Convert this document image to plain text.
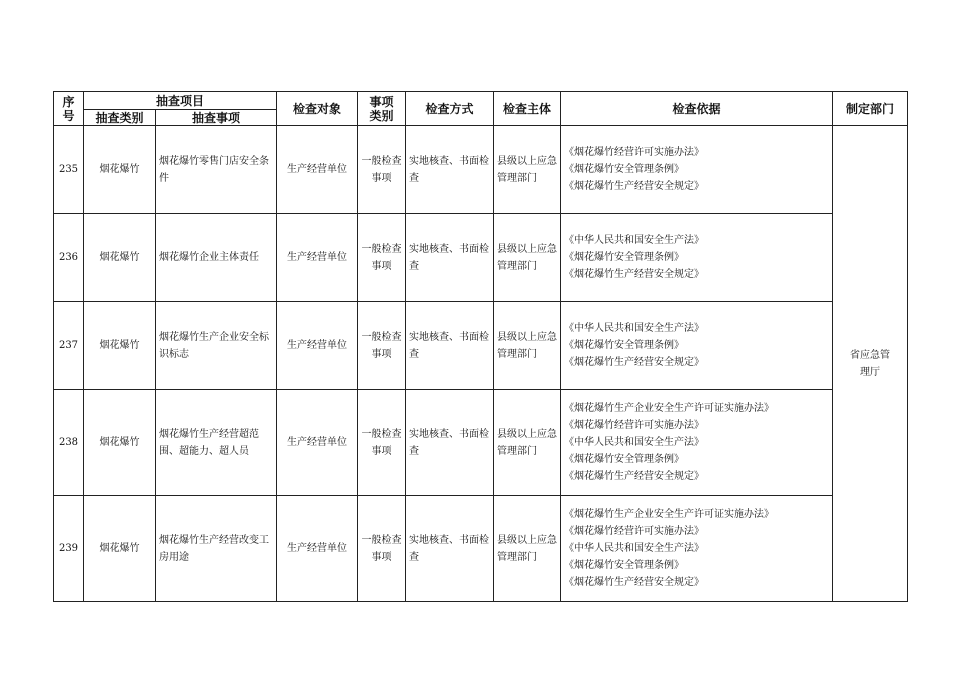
序号	抽查项目		检查对象	事项类别	检查方式	检查主体	检查依据	制定部门
	抽查类别	抽查事项						
235	烟花爆竹	烟花爆竹零售门店安全条件	生产经营单位	一般检查事项	实地核查、书面检查	县级以上应急管理部门	《烟花爆竹经营许可实施办法》
《烟花爆竹安全管理条例》
《烟花爆竹生产经营安全规定》	省应急管理厅
236	烟花爆竹	烟花爆竹企业主体责任	生产经营单位	一般检查事项	实地核查、书面检查	县级以上应急管理部门	《中华人民共和国安全生产法》
《烟花爆竹安全管理条例》
《烟花爆竹生产经营安全规定》	

237	烟花爆竹	烟花爆竹生产企业安全标识标志	生产经营单位	一般检查事项	实地核查、书面检查	县级以上应急管理部门	《中华人民共和国安全生产法》
《烟花爆竹安全管理条例》
《烟花爆竹生产经营安全规定》	

238	烟花爆竹	烟花爆竹生产经营超范围、超能力、超人员	生产经营单位	一般检查事项	实地核查、书面检查	县级以上应急管理部门	《烟花爆竹生产企业安全生产许可证实施办法》
《烟花爆竹经营许可实施办法》
《中华人民共和国安全生产法》
《烟花爆竹安全管理条例》
《烟花爆竹生产经营安全规定》	

239	烟花爆竹	烟花爆竹生产经营改变工房用途	生产经营单位	一般检查事项	实地核查、书面检查	县级以上应急管理部门	《烟花爆竹生产企业安全生产许可证实施办法》
《烟花爆竹经营许可实施办法》
《中华人民共和国安全生产法》
《烟花爆竹安全管理条例》
《烟花爆竹生产经营安全规定》	
